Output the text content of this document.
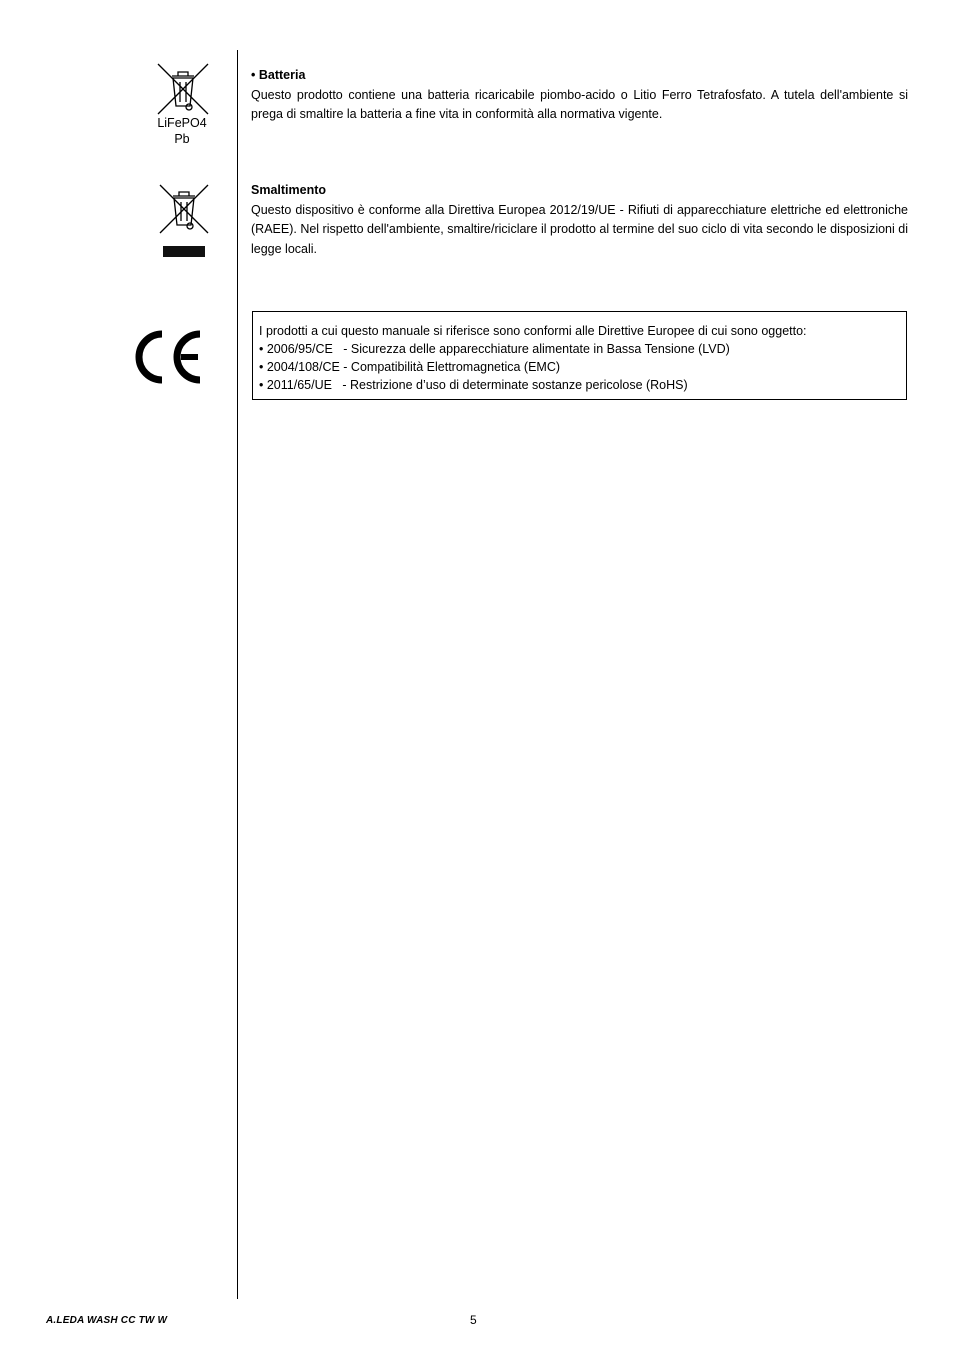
LiFePO4
Pb
• Batteria
Questo prodotto contiene una batteria ricaricabile piombo-acido o Litio Ferro Tetrafosfato. A tutela dell'ambiente si prega di smaltire la batteria a fine vita in conformità alla normativa vigente.
Smaltimento
Questo dispositivo è conforme alla Direttiva Europea 2012/19/UE - Rifiuti di apparecchiature elettriche ed elettroniche (RAEE). Nel rispetto dell'ambiente, smaltire/riciclare il prodotto al termine del suo ciclo di vita secondo le disposizioni di legge locali.
I prodotti a cui questo manuale si riferisce sono conformi alle Direttive Europee di cui sono oggetto:
• 2006/95/CE   - Sicurezza delle apparecchiature alimentate in Bassa Tensione (LVD)
• 2004/108/CE - Compatibilità Elettromagnetica (EMC)
• 2011/65/UE   - Restrizione d’uso di determinate sostanze pericolose (RoHS)
A.LEDA WASH CC TW W	5
